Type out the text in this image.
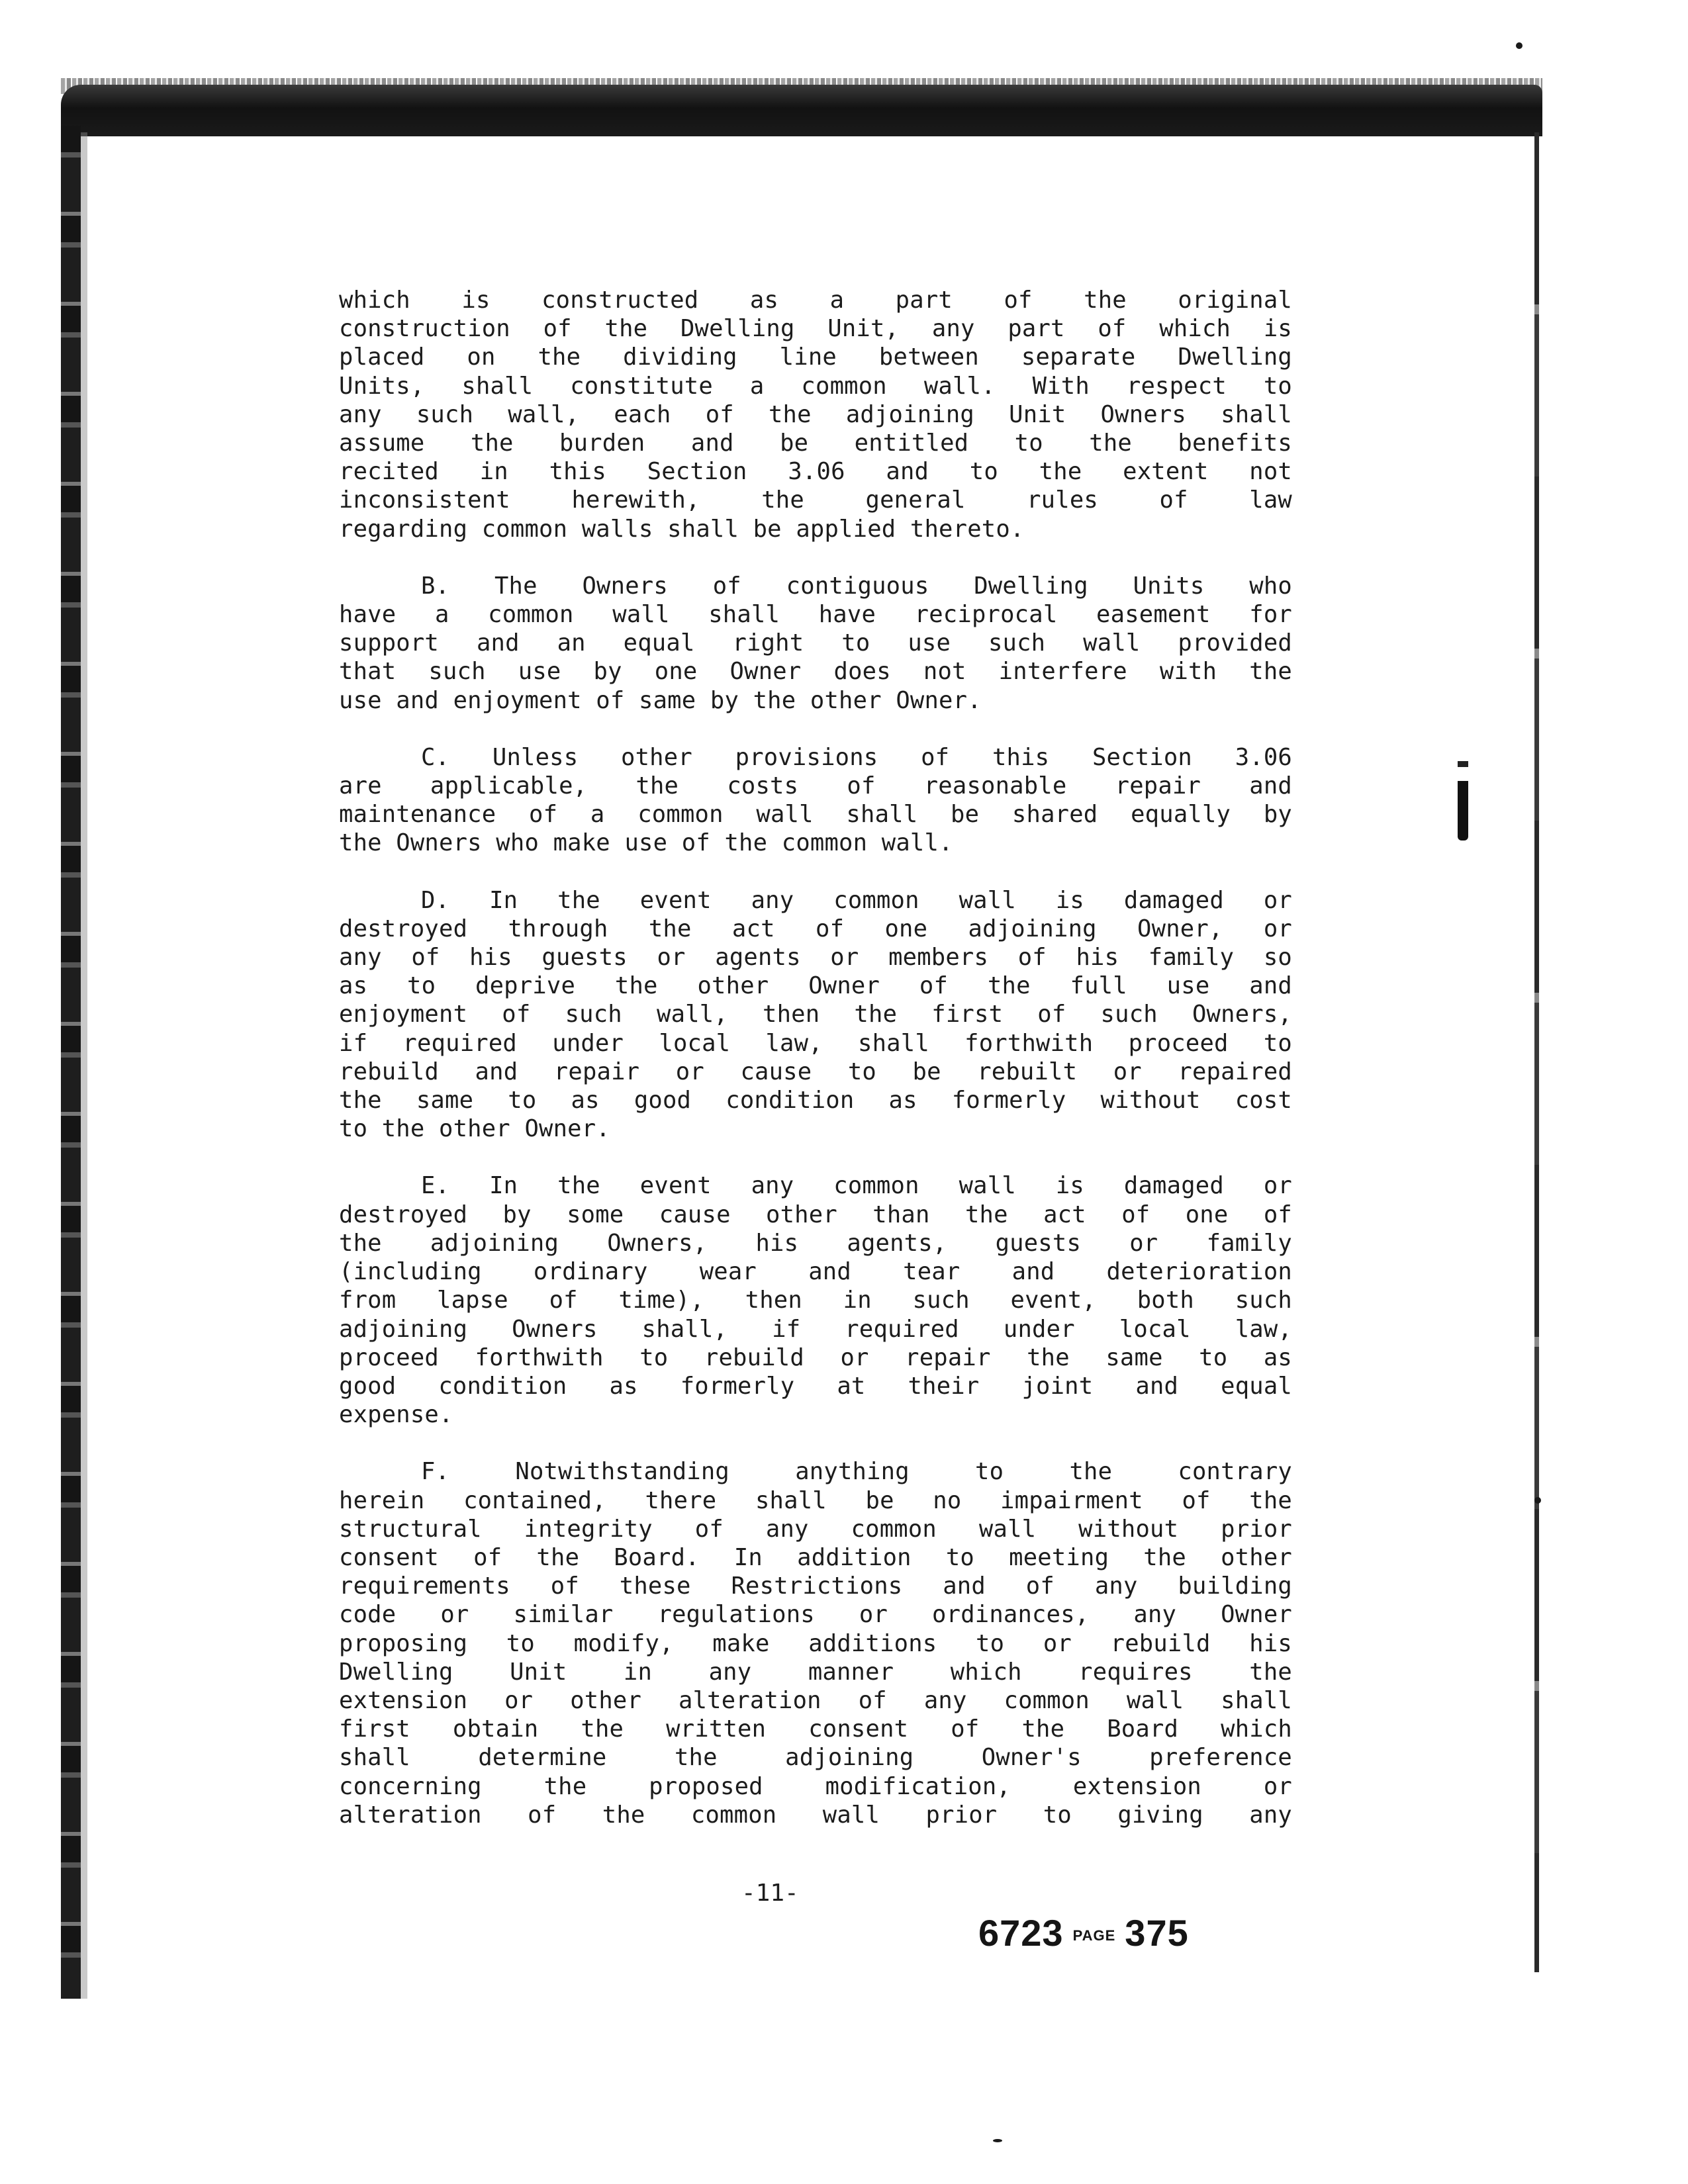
which is constructed as a part of the original
construction of the Dwelling Unit, any part of which is
placed on the dividing line between separate Dwelling
Units, shall constitute a common wall. With respect to
any such wall, each of the adjoining Unit Owners shall
assume the burden and be entitled to the benefits
recited in this Section 3.06 and to the extent not
inconsistent herewith, the general rules of law
regarding common walls shall be applied thereto.

B. The Owners of contiguous Dwelling Units who
have a common wall shall have reciprocal easement for
support and an equal right to use such wall provided
that such use by one Owner does not interfere with the
use and enjoyment of same by the other Owner.

C. Unless other provisions of this Section 3.06
are applicable, the costs of reasonable repair and
maintenance of a common wall shall be shared equally by
the Owners who make use of the common wall.

D. In the event any common wall is damaged or
destroyed through the act of one adjoining Owner, or
any of his guests or agents or members of his family so
as to deprive the other Owner of the full use and
enjoyment of such wall, then the first of such Owners,
if required under local law, shall forthwith proceed to
rebuild and repair or cause to be rebuilt or repaired
the same to as good condition as formerly without cost
to the other Owner.

E. In the event any common wall is damaged or
destroyed by some cause other than the act of one of
the adjoining Owners, his agents, guests or family
(including ordinary wear and tear and deterioration
from lapse of time), then in such event, both such
adjoining Owners shall, if required under local law,
proceed forthwith to rebuild or repair the same to as
good condition as formerly at their joint and equal
expense.

F. Notwithstanding anything to the contrary
herein contained, there shall be no impairment of the
structural integrity of any common wall without prior
consent of the Board. In addition to meeting the other
requirements of these Restrictions and of any building
code or similar regulations or ordinances, any Owner
proposing to modify, make additions to or rebuild his
Dwelling Unit in any manner which requires the
extension or other alteration of any common wall shall
first obtain the written consent of the Board which
shall determine the adjoining Owner's preference
concerning the proposed modification, extension or
alteration of the common wall prior to giving any

-11-
6723 PAGE 375
